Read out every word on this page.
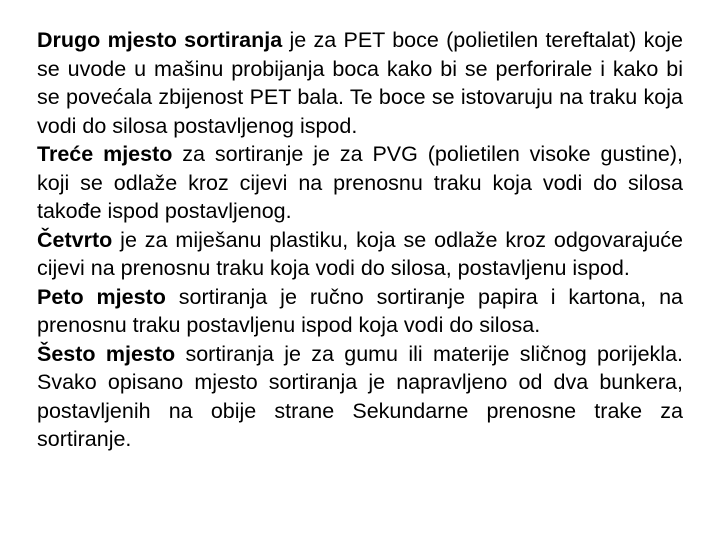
Drugo mjesto sortiranja je za PET boce (polietilen tereftalat) koje se uvode u mašinu probijanja boca kako bi se perforirale i kako bi se povećala zbijenost PET bala. Te boce se istovaruju na traku koja vodi do silosa postavljenog ispod.

Treće mjesto za sortiranje je za PVG (polietilen visoke gustine), koji se odlaže kroz cijevi na prenosnu traku koja vodi do silosa takođe ispod postavljenog.

Četvrto je za miješanu plastiku, koja se odlaže kroz odgovarajuće cijevi na prenosnu traku koja vodi do silosa, postavljenu ispod.

Peto mjesto sortiranja je ručno sortiranje papira i kartona, na prenosnu traku postavljenu ispod koja vodi do silosa.

Šesto mjesto sortiranja je za gumu ili materije sličnog porijekla. Svako opisano mjesto sortiranja je napravljeno od dva bunkera, postavljenih na obije strane Sekundarne prenosne trake za sortiranje.
